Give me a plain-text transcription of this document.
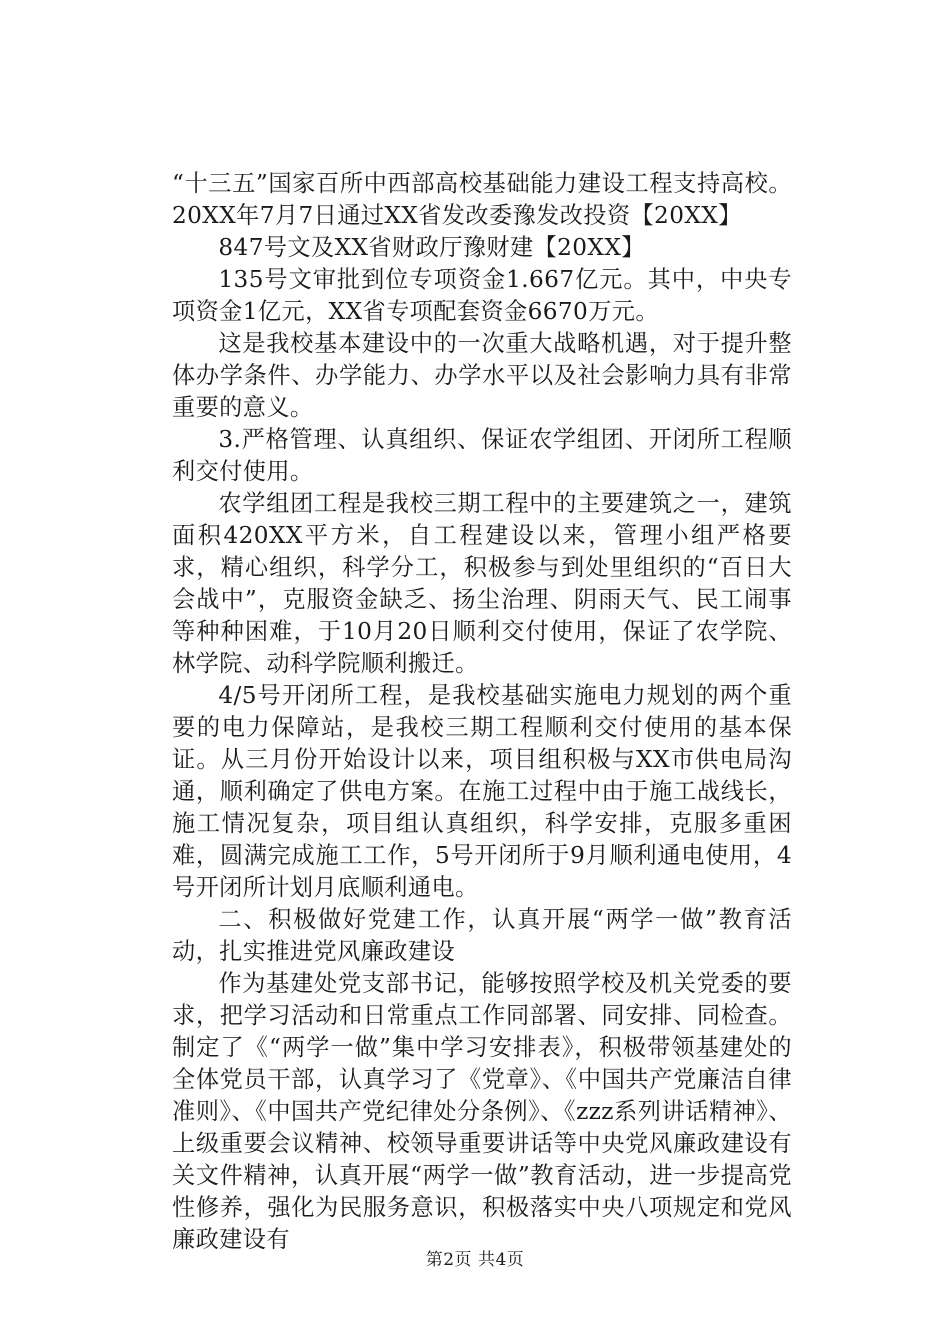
“十三五”国家百所中西部高校基础能力建设工程支持高校。20XX年7月7日通过XX省发改委豫发改投资【20XX】

847号文及XX省财政厅豫财建【20XX】

135号文审批到位专项资金1.667亿元。其中，中央专项资金1亿元，XX省专项配套资金6670万元。

这是我校基本建设中的一次重大战略机遇，对于提升整体办学条件、办学能力、办学水平以及社会影响力具有非常重要的意义。

3.严格管理、认真组织、保证农学组团、开闭所工程顺利交付使用。

农学组团工程是我校三期工程中的主要建筑之一，建筑面积420XX平方米，自工程建设以来，管理小组严格要求，精心组织，科学分工，积极参与到处里组织的“百日大会战中”，克服资金缺乏、扬尘治理、阴雨天气、民工闹事等种种困难，于10月20日顺利交付使用，保证了农学院、林学院、动科学院顺利搬迁。

4/5号开闭所工程，是我校基础实施电力规划的两个重要的电力保障站，是我校三期工程顺利交付使用的基本保证。从三月份开始设计以来，项目组积极与XX市供电局沟通，顺利确定了供电方案。在施工过程中由于施工战线长，施工情况复杂，项目组认真组织，科学安排，克服多重困难，圆满完成施工工作，5号开闭所于9月顺利通电使用，4号开闭所计划月底顺利通电。

二、积极做好党建工作，认真开展“两学一做”教育活动，扎实推进党风廉政建设

作为基建处党支部书记，能够按照学校及机关党委的要求，把学习活动和日常重点工作同部署、同安排、同检查。制定了《“两学一做”集中学习安排表》，积极带领基建处的全体党员干部，认真学习了《党章》、《中国共产党廉洁自律准则》、《中国共产党纪律处分条例》、《zzz系列讲话精神》、上级重要会议精神、校领导重要讲话等中央党风廉政建设有关文件精神，认真开展“两学一做”教育活动，进一步提高党性修养，强化为民服务意识，积极落实中央八项规定和党风廉政建设有

第2页 共4页
